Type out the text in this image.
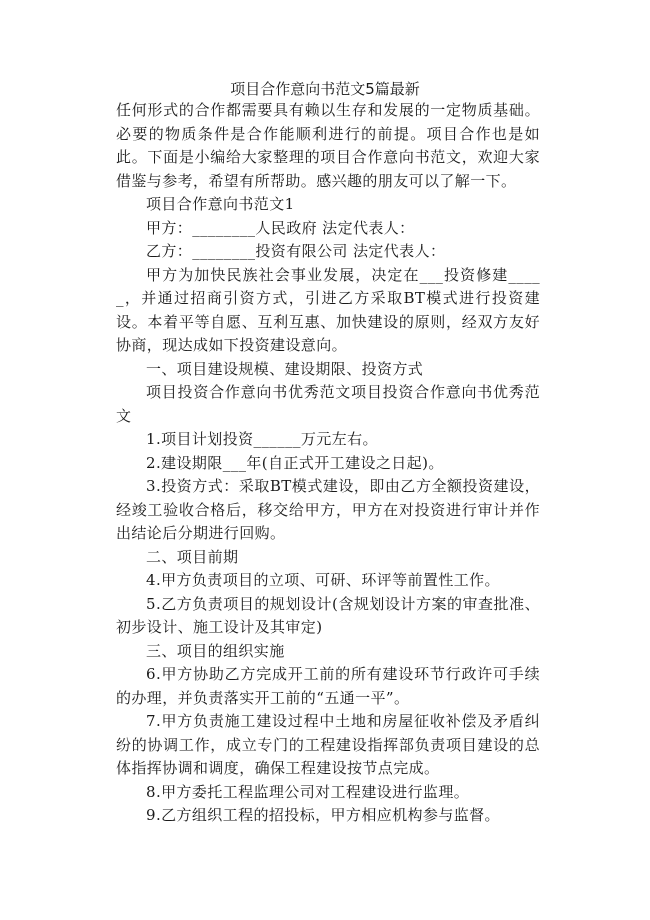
项目合作意向书范文5篇最新

任何形式的合作都需要具有赖以生存和发展的一定物质基础。必要的物质条件是合作能顺利进行的前提。项目合作也是如此。下面是小编给大家整理的项目合作意向书范文，欢迎大家借鉴与参考，希望有所帮助。感兴趣的朋友可以了解一下。

项目合作意向书范文1

甲方：________人民政府 法定代表人：

乙方：________投资有限公司 法定代表人：

甲方为加快民族社会事业发展，决定在___投资修建_____，并通过招商引资方式，引进乙方采取BT模式进行投资建设。本着平等自愿、互利互惠、加快建设的原则，经双方友好协商，现达成如下投资建设意向。

一、项目建设规模、建设期限、投资方式

项目投资合作意向书优秀范文项目投资合作意向书优秀范文

1.项目计划投资______万元左右。

2.建设期限___年(自正式开工建设之日起)。

3.投资方式：采取BT模式建设，即由乙方全额投资建设，经竣工验收合格后，移交给甲方，甲方在对投资进行审计并作出结论后分期进行回购。

二、项目前期

4.甲方负责项目的立项、可研、环评等前置性工作。

5.乙方负责项目的规划设计(含规划设计方案的审查批准、初步设计、施工设计及其审定)

三、项目的组织实施

6.甲方协助乙方完成开工前的所有建设环节行政许可手续的办理，并负责落实开工前的“五通一平”。

7.甲方负责施工建设过程中土地和房屋征收补偿及矛盾纠纷的协调工作，成立专门的工程建设指挥部负责项目建设的总体指挥协调和调度，确保工程建设按节点完成。

8.甲方委托工程监理公司对工程建设进行监理。

9.乙方组织工程的招投标，甲方相应机构参与监督。
